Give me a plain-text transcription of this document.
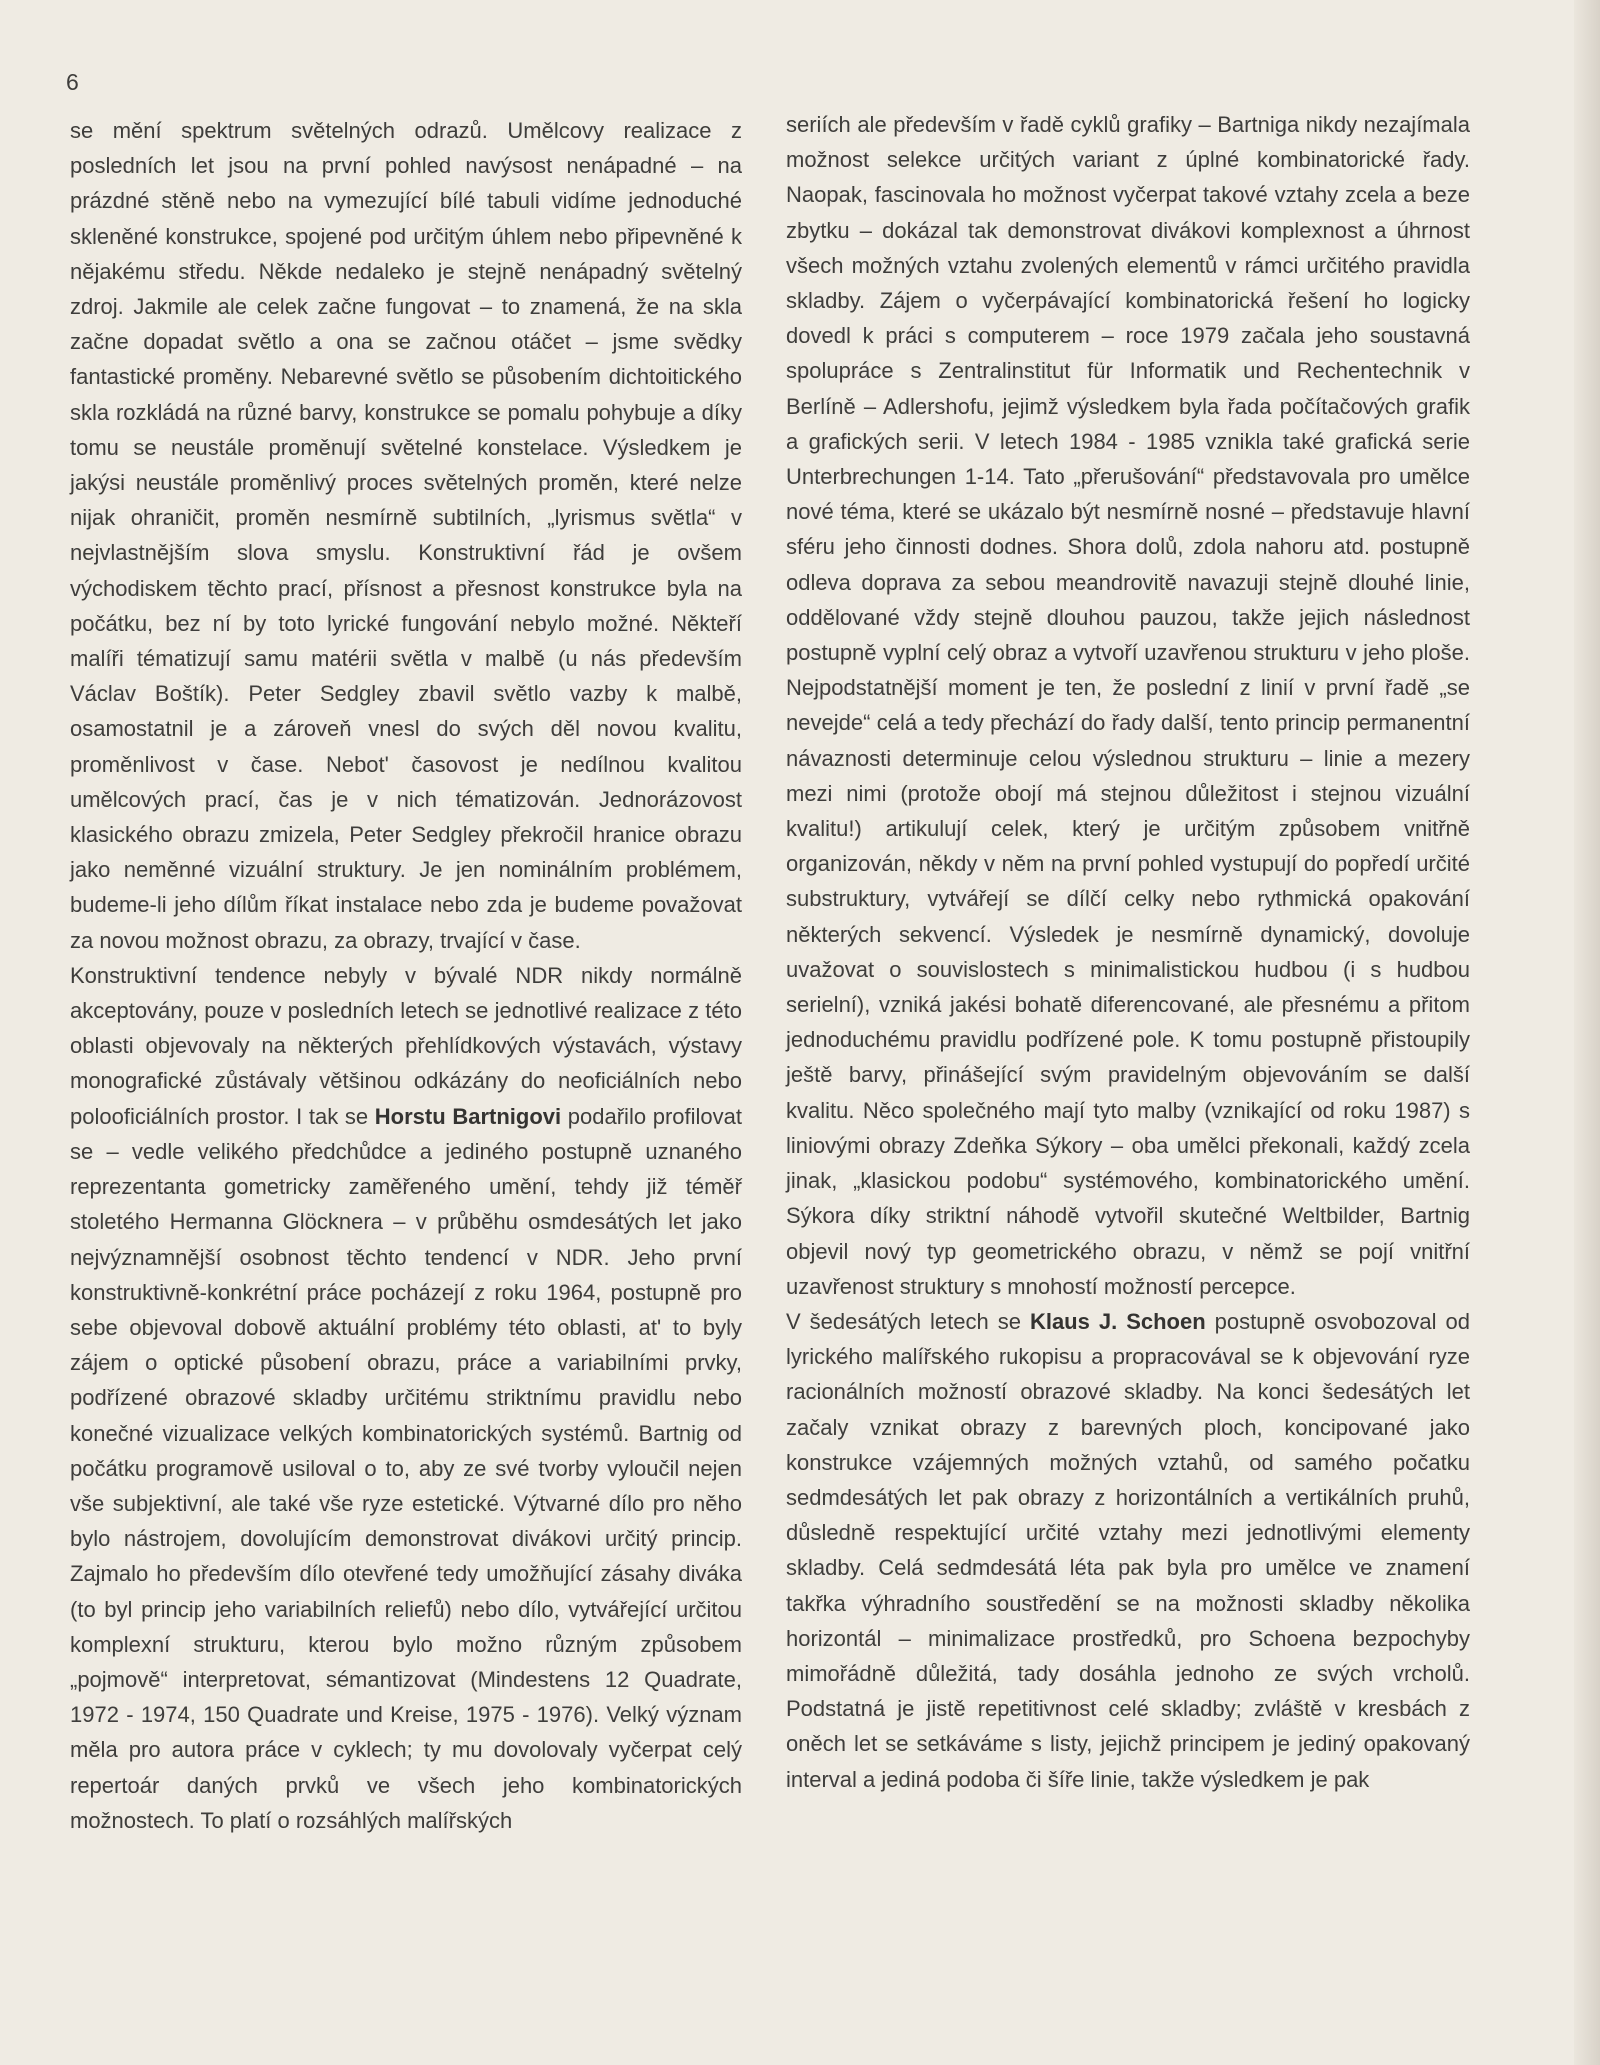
6

se mění spektrum světelných odrazů. Umělcovy realizace z posledních let jsou na první pohled navýsost nenápadné – na prázdné stěně nebo na vymezující bílé tabuli vidíme jednoduché skleněné konstrukce, spojené pod určitým úhlem nebo připevněné k nějakému středu. Někde nedaleko je stejně nenápadný světelný zdroj. Jakmile ale celek začne fungovat – to znamená, že na skla začne dopadat světlo a ona se začnou otáčet – jsme svědky fantastické proměny. Nebarevné světlo se působením dichtoitického skla rozkládá na různé barvy, konstrukce se pomalu pohybuje a díky tomu se neustále proměnují světelné konstelace. Výsledkem je jakýsi neustále proměnlivý proces světelných proměn, které nelze nijak ohraničit, proměn nesmírně subtilních, „lyrismus světla“ v nejvlastnějším slova smyslu. Konstruktivní řád je ovšem východiskem těchto prací, přísnost a přesnost konstrukce byla na počátku, bez ní by toto lyrické fungování nebylo možné. Někteří malíři tématizují samu matérii světla v malbě (u nás především Václav Boštík). Peter Sedgley zbavil světlo vazby k malbě, osamostatnil je a zároveň vnesl do svých děl novou kvalitu, proměnlivost v čase. Nebot' časovost je nedílnou kvalitou umělcových prací, čas je v nich tématizován. Jednorázovost klasického obrazu zmizela, Peter Sedgley překročil hranice obrazu jako neměnné vizuální struktury. Je jen nominálním problémem, budeme-li jeho dílům říkat instalace nebo zda je budeme považovat za novou možnost obrazu, za obrazy, trvající v čase.

Konstruktivní tendence nebyly v bývalé NDR nikdy normálně akceptovány, pouze v posledních letech se jednotlivé realizace z této oblasti objevovaly na některých přehlídkových výstavách, výstavy monografické zůstávaly většinou odkázány do neoficiálních nebo polooficiálních prostor. I tak se Horstu Bartnigovi podařilo profilovat se – vedle velikého předchůdce a jediného postupně uznaného reprezentanta gometricky zaměřeného umění, tehdy již téměř stoletého Hermanna Glöcknera – v průběhu osmdesátých let jako nejvýznamnější osobnost těchto tendencí v NDR. Jeho první konstruktivně-konkrétní práce pocházejí z roku 1964, postupně pro sebe objevoval dobově aktuální problémy této oblasti, at' to byly zájem o optické působení obrazu, práce a variabilními prvky, podřízené obrazové skladby určitému striktnímu pravidlu nebo konečné vizualizace velkých kombinatorických systémů. Bartnig od počátku programově usiloval o to, aby ze své tvorby vyloučil nejen vše subjektivní, ale také vše ryze estetické. Výtvarné dílo pro něho bylo nástrojem, dovolujícím demonstrovat divákovi určitý princip. Zajmalo ho především dílo otevřené tedy umožňující zásahy diváka (to byl princip jeho variabilních reliefů) nebo dílo, vytvářející určitou komplexní strukturu, kterou bylo možno různým způsobem „pojmově“ interpretovat, sémantizovat (Mindestens 12 Quadrate, 1972 - 1974, 150 Quadrate und Kreise, 1975 - 1976). Velký význam měla pro autora práce v cyklech; ty mu dovolovaly vyčerpat celý repertoár daných prvků ve všech jeho kombinatorických možnostech. To platí o rozsáhlých malířských

seriích ale především v řadě cyklů grafiky – Bartniga nikdy nezajímala možnost selekce určitých variant z úplné kombinatorické řady. Naopak, fascinovala ho možnost vyčerpat takové vztahy zcela a beze zbytku – dokázal tak demonstrovat divákovi komplexnost a úhrnost všech možných vztahu zvolených elementů v rámci určitého pravidla skladby. Zájem o vyčerpávající kombinatorická řešení ho logicky dovedl k práci s computerem – roce 1979 začala jeho soustavná spolupráce s Zentralinstitut für Informatik und Rechentechnik v Berlíně – Adlershofu, jejimž výsledkem byla řada počítačových grafik a grafických serii. V letech 1984 - 1985 vznikla také grafická serie Unterbrechungen 1-14. Tato „přerušování“ představovala pro umělce nové téma, které se ukázalo být nesmírně nosné – představuje hlavní sféru jeho činnosti dodnes. Shora dolů, zdola nahoru atd. postupně odleva doprava za sebou meandrovitě navazuji stejně dlouhé linie, oddělované vždy stejně dlouhou pauzou, takže jejich následnost postupně vyplní celý obraz a vytvoří uzavřenou strukturu v jeho ploše. Nejpodstatnější moment je ten, že poslední z linií v první řadě „se nevejde“ celá a tedy přechází do řady další, tento princip permanentní návaznosti determinuje celou výslednou strukturu – linie a mezery mezi nimi (protože obojí má stejnou důležitost i stejnou vizuální kvalitu!) artikulují celek, který je určitým způsobem vnitřně organizován, někdy v něm na první pohled vystupují do popředí určité substruktury, vytvářejí se dílčí celky nebo rythmická opakování některých sekvencí. Výsledek je nesmírně dynamický, dovoluje uvažovat o souvislostech s minimalistickou hudbou (i s hudbou serielní), vzniká jakési bohatě diferencované, ale přesnému a přitom jednoduchému pravidlu podřízené pole. K tomu postupně přistoupily ještě barvy, přinášející svým pravidelným objevováním se další kvalitu. Něco společného mají tyto malby (vznikající od roku 1987) s liniovými obrazy Zdeňka Sýkory – oba umělci překonali, každý zcela jinak, „klasickou podobu“ systémového, kombinatorického umění. Sýkora díky striktní náhodě vytvořil skutečné Weltbilder, Bartnig objevil nový typ geometrického obrazu, v němž se pojí vnitřní uzavřenost struktury s mnohostí možností percepce.

V šedesátých letech se Klaus J. Schoen postupně osvobozoval od lyrického malířského rukopisu a propracovával se k objevování ryze racionálních možností obrazové skladby. Na konci šedesátých let začaly vznikat obrazy z barevných ploch, koncipované jako konstrukce vzájemných možných vztahů, od samého počatku sedmdesátých let pak obrazy z horizontálních a vertikálních pruhů, důsledně respektující určité vztahy mezi jednotlivými elementy skladby. Celá sedmdesátá léta pak byla pro umělce ve znamení takřka výhradního soustředění se na možnosti skladby několika horizontál – minimalizace prostředků, pro Schoena bezpochyby mimořádně důležitá, tady dosáhla jednoho ze svých vrcholů. Podstatná je jistě repetitivnost celé skladby; zvláště v kresbách z oněch let se setkáváme s listy, jejichž principem je jediný opakovaný interval a jediná podoba či šíře linie, takže výsledkem je pak
